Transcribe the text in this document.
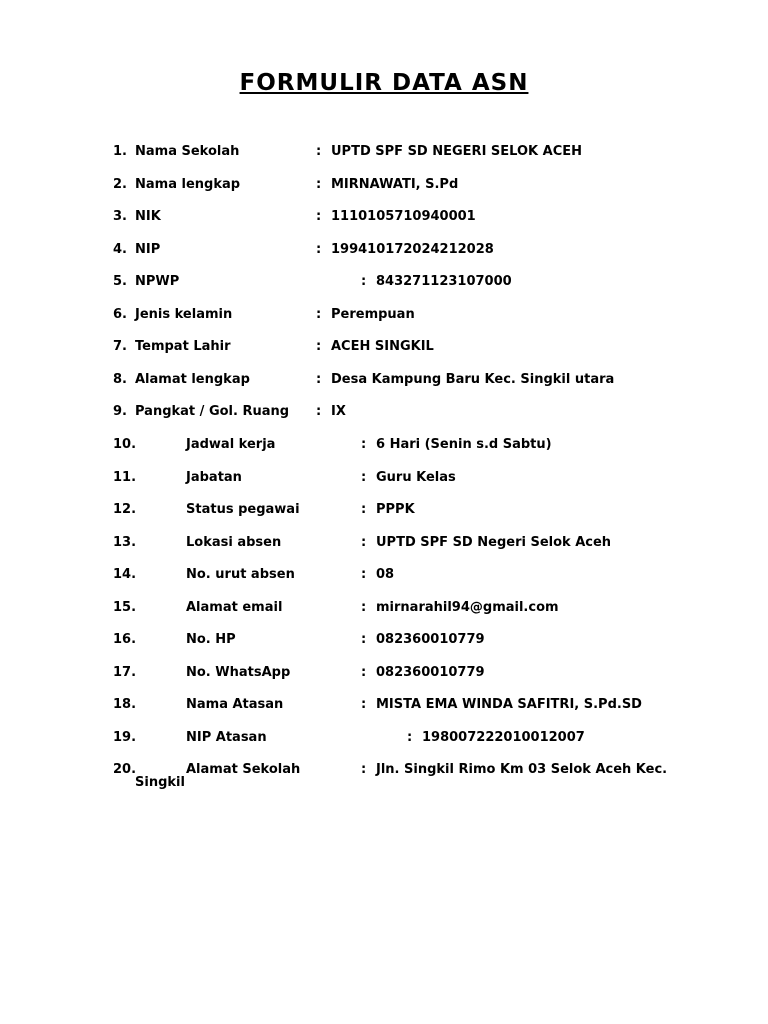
FORMULIR DATA ASN
1. Nama Sekolah	: UPTD SPF SD NEGERI SELOK ACEH
2. Nama lengkap	: MIRNAWATI, S.Pd
3. NIK	: 1110105710940001
4. NIP	: 199410172024212028
5. NPWP	: 843271123107000
6. Jenis kelamin	: Perempuan
7. Tempat Lahir	: ACEH SINGKIL
8. Alamat lengkap	: Desa Kampung Baru Kec. Singkil utara
9. Pangkat / Gol. Ruang : IX
10.	Jadwal kerja	: 6 Hari (Senin s.d Sabtu)
11.	Jabatan	: Guru Kelas
12.	Status pegawai	: PPPK
13.	Lokasi absen	: UPTD SPF SD Negeri Selok Aceh
14.	No. urut absen	: 08
15.	Alamat email	: mirnarahil94@gmail.com
16.	No. HP	: 082360010779
17.	No. WhatsApp	: 082360010779
18.	Nama Atasan	: MISTA EMA WINDA SAFITRI, S.Pd.SD
19.	NIP Atasan	: 198007222010012007
20.	Alamat Sekolah	: Jln. Singkil Rimo Km 03 Selok Aceh Kec.
Singkil
